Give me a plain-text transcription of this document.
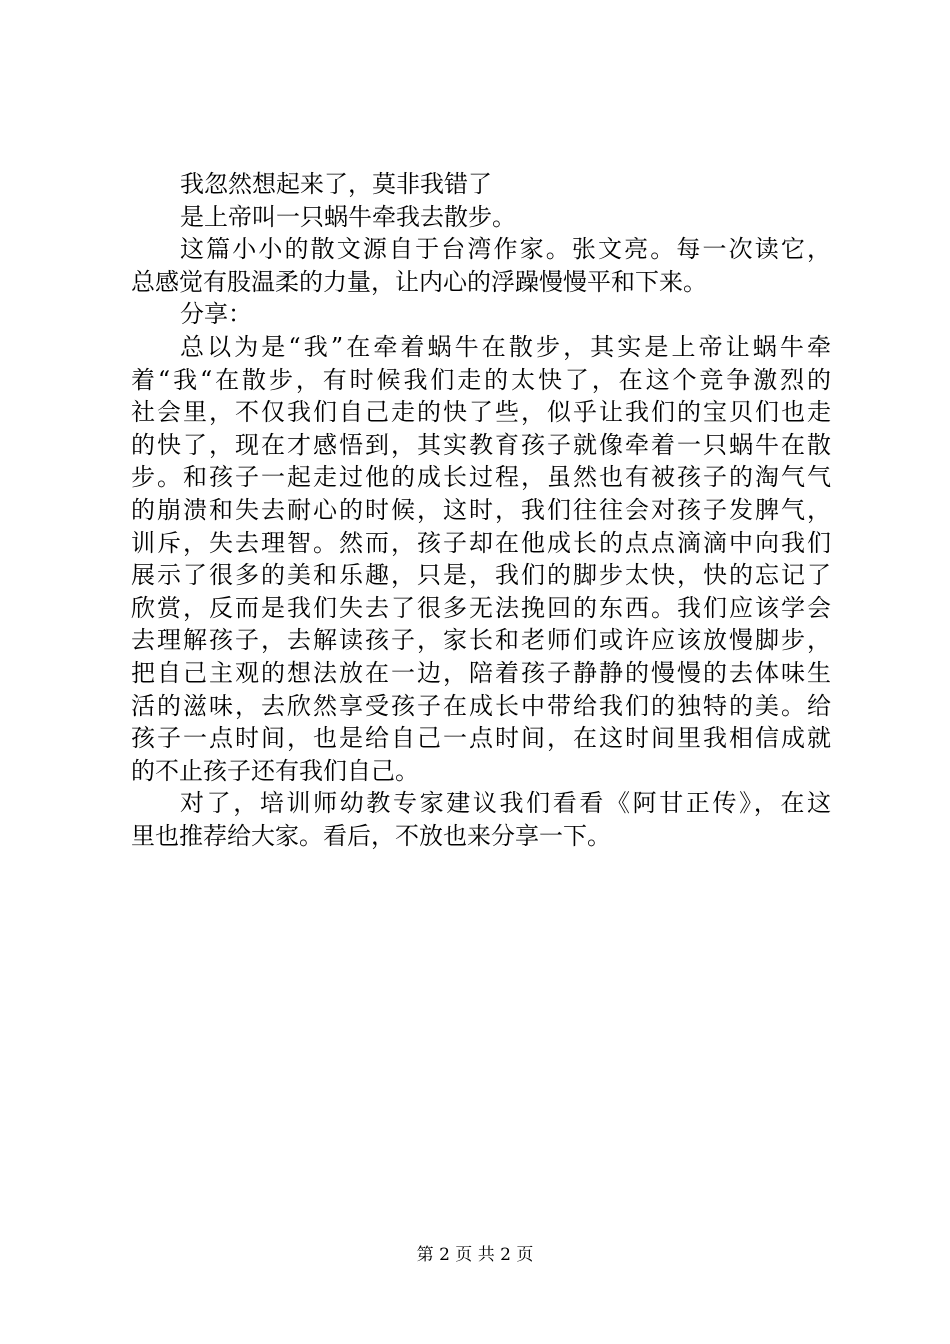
我忽然想起来了，莫非我错了
是上帝叫一只蜗牛牵我去散步。
这篇小小的散文源自于台湾作家。张文亮。每一次读它，
总感觉有股温柔的力量，让内心的浮躁慢慢平和下来。
分享：
总以为是“我”在牵着蜗牛在散步，其实是上帝让蜗牛牵
着“我“在散步，有时候我们走的太快了，在这个竞争激烈的
社会里，不仅我们自己走的快了些，似乎让我们的宝贝们也走
的快了，现在才感悟到，其实教育孩子就像牵着一只蜗牛在散
步。和孩子一起走过他的成长过程，虽然也有被孩子的淘气气
的崩溃和失去耐心的时候，这时，我们往往会对孩子发脾气，
训斥，失去理智。然而，孩子却在他成长的点点滴滴中向我们
展示了很多的美和乐趣，只是，我们的脚步太快，快的忘记了
欣赏，反而是我们失去了很多无法挽回的东西。我们应该学会
去理解孩子，去解读孩子，家长和老师们或许应该放慢脚步，
把自己主观的想法放在一边，陪着孩子静静的慢慢的去体味生
活的滋味，去欣然享受孩子在成长中带给我们的独特的美。给
孩子一点时间，也是给自己一点时间，在这时间里我相信成就
的不止孩子还有我们自己。
对了，培训师幼教专家建议我们看看《阿甘正传》，在这
里也推荐给大家。看后，不放也来分享一下。
第 2 页 共 2 页
